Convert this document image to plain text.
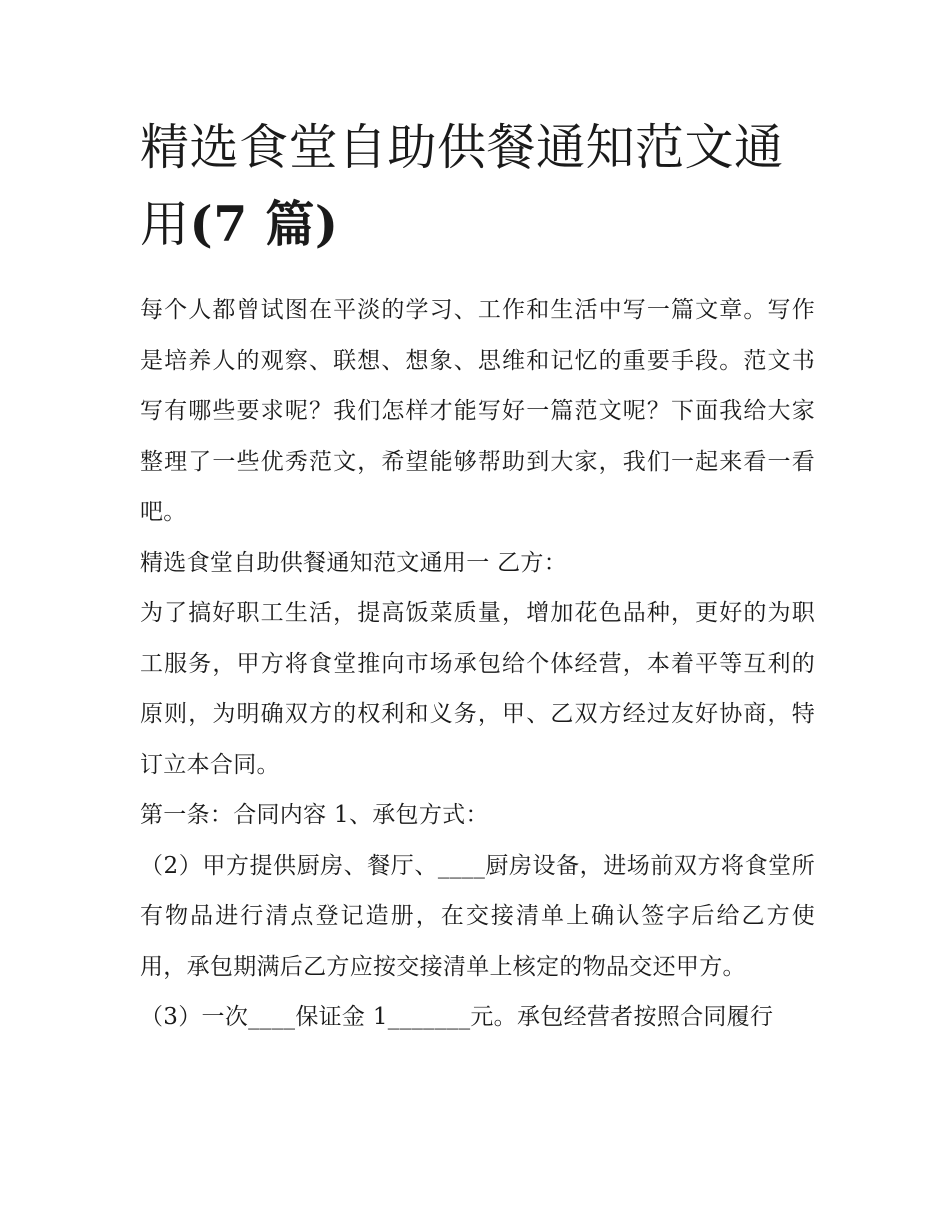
精选食堂自助供餐通知范文通用(7 篇)

每个人都曾试图在平淡的学习、工作和生活中写一篇文章。写作是培养人的观察、联想、想象、思维和记忆的重要手段。范文书写有哪些要求呢？我们怎样才能写好一篇范文呢？下面我给大家整理了一些优秀范文，希望能够帮助到大家，我们一起来看一看吧。

精选食堂自助供餐通知范文通用一 乙方：

为了搞好职工生活，提高饭菜质量，增加花色品种，更好的为职工服务，甲方将食堂推向市场承包给个体经营，本着平等互利的原则，为明确双方的权利和义务，甲、乙双方经过友好协商，特订立本合同。

第一条：合同内容 1、承包方式：

（2）甲方提供厨房、餐厅、____厨房设备，进场前双方将食堂所有物品进行清点登记造册，在交接清单上确认签字后给乙方使用，承包期满后乙方应按交接清单上核定的物品交还甲方。

（3）一次____保证金 1_______元。承包经营者按照合同履行
